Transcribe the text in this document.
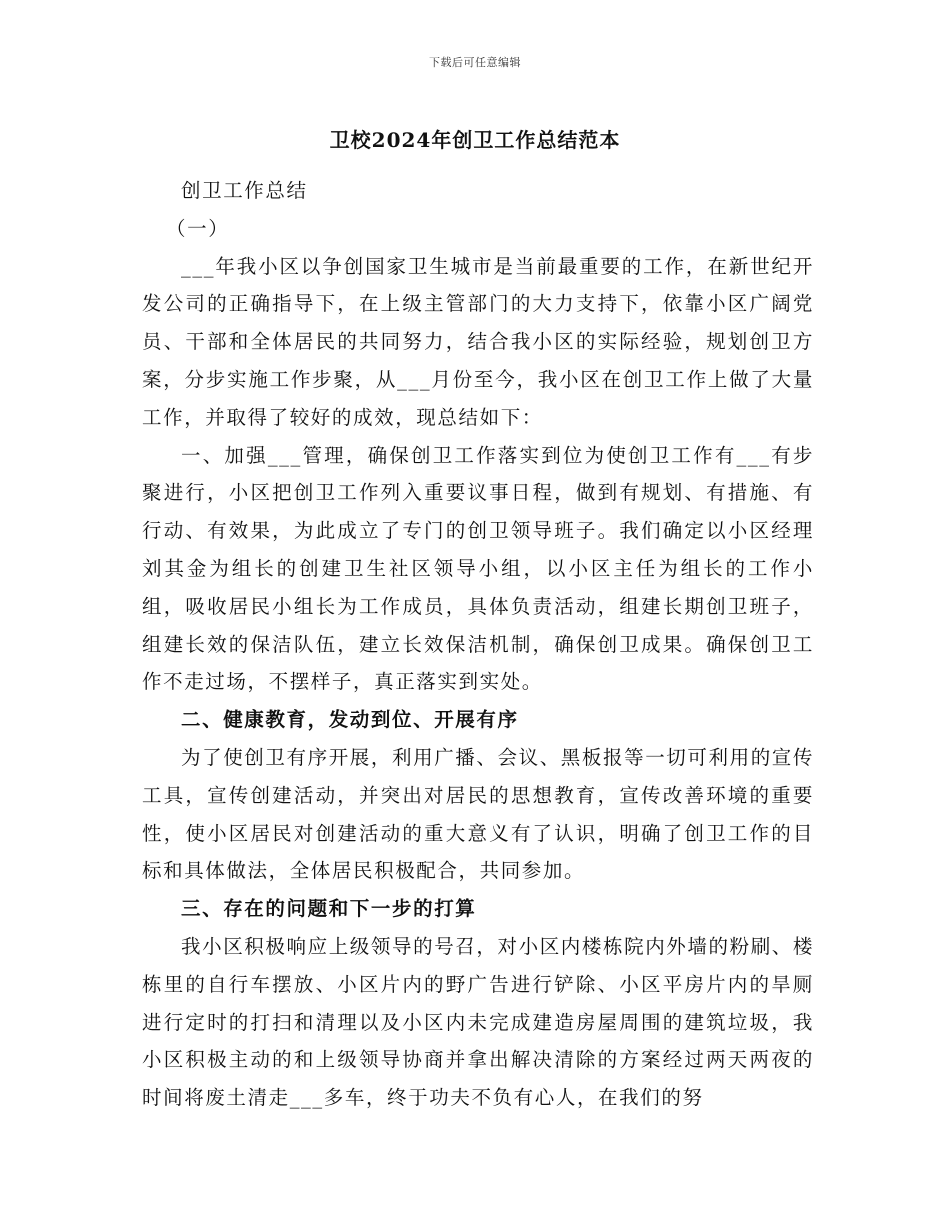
下载后可任意编辑
卫校2024年创卫工作总结范本

创卫工作总结

（一）

___年我小区以争创国家卫生城市是当前最重要的工作，在新世纪开发公司的正确指导下，在上级主管部门的大力支持下，依靠小区广阔党员、干部和全体居民的共同努力，结合我小区的实际经验，规划创卫方案，分步实施工作步聚，从___月份至今，我小区在创卫工作上做了大量工作，并取得了较好的成效，现总结如下：

一、加强___管理，确保创卫工作落实到位为使创卫工作有___有步聚进行，小区把创卫工作列入重要议事日程，做到有规划、有措施、有行动、有效果，为此成立了专门的创卫领导班子。我们确定以小区经理刘其金为组长的创建卫生社区领导小组，以小区主任为组长的工作小组，吸收居民小组长为工作成员，具体负责活动，组建长期创卫班子，组建长效的保洁队伍，建立长效保洁机制，确保创卫成果。确保创卫工作不走过场，不摆样子，真正落实到实处。

二、健康教育，发动到位、开展有序

为了使创卫有序开展，利用广播、会议、黑板报等一切可利用的宣传工具，宣传创建活动，并突出对居民的思想教育，宣传改善环境的重要性，使小区居民对创建活动的重大意义有了认识，明确了创卫工作的目标和具体做法，全体居民积极配合，共同参加。

三、存在的问题和下一步的打算

我小区积极响应上级领导的号召，对小区内楼栋院内外墙的粉刷、楼栋里的自行车摆放、小区片内的野广告进行铲除、小区平房片内的旱厕进行定时的打扫和清理以及小区内未完成建造房屋周围的建筑垃圾，我小区积极主动的和上级领导协商并拿出解决清除的方案经过两天两夜的时间将废土清走___多车，终于功夫不负有心人，在我们的努
